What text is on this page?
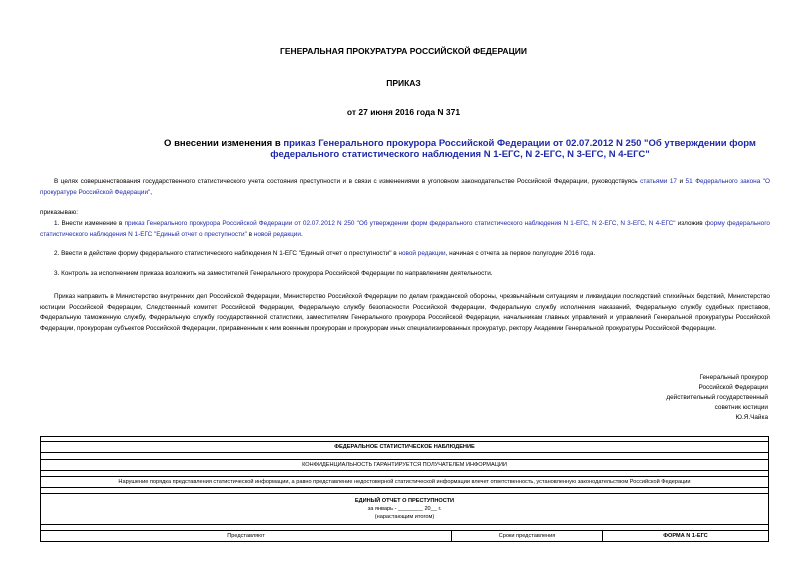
ГЕНЕРАЛЬНАЯ ПРОКУРАТУРА РОССИЙСКОЙ ФЕДЕРАЦИИ
ПРИКАЗ
от 27 июня 2016 года N 371
О внесении изменения в приказ Генерального прокурора Российской Федерации от 02.07.2012 N 250 "Об утверждении форм федерального статистического наблюдения N 1-ЕГС, N 2-ЕГС, N 3-ЕГС, N 4-ЕГС"
В целях совершенствования государственного статистического учета состояния преступности и в связи с изменениями в уголовном законодательстве Российской Федерации, руководствуясь статьями 17 и 51 Федерального закона "О прокуратуре Российской Федерации",
приказываю:
1. Внести изменение в приказ Генерального прокурора Российской Федерации от 02.07.2012 N 250 "Об утверждении форм федерального статистического наблюдения N 1-ЕГС, N 2-ЕГС, N 3-ЕГС, N 4-ЕГС" изложив форму федерального статистического наблюдения N 1-ЕГС "Единый отчет о преступности" в новой редакции.
2. Ввести в действие форму федерального статистического наблюдения N 1-ЕГС "Единый отчет о преступности" в новой редакции, начиная с отчета за первое полугодие 2016 года.
3. Контроль за исполнением приказа возложить на заместителей Генерального прокурора Российской Федерации по направлениям деятельности.
Приказ направить в Министерство внутренних дел Российской Федерации, Министерство Российской Федерации по делам гражданской обороны, чрезвычайным ситуациям и ликвидации последствий стихийных бедствий, Министерство юстиции Российской Федерации, Следственный комитет Российской Федерации, Федеральную службу безопасности Российской Федерации, Федеральную службу исполнения наказаний, Федеральную службу судебных приставов, Федеральную таможенную службу, Федеральную службу государственной статистики, заместителям Генерального прокурора Российской Федерации, начальникам главных управлений и управлений Генеральной прокуратуры Российской Федерации, прокурорам субъектов Российской Федерации, приравненным к ним военным прокурорам и прокурорам иных специализированных прокуратур, ректору Академии Генеральной прокуратуры Российской Федерации.
Генеральный прокурор
Российской Федерации
действительный государственный
советник юстиции
Ю.Я.Чайка

ФЕДЕРАЛЬНОЕ СТАТИСТИЧЕСКОЕ НАБЛЮДЕНИЕ

КОНФИДЕНЦИАЛЬНОСТЬ ГАРАНТИРУЕТСЯ ПОЛУЧАТЕЛЕМ ИНФОРМАЦИИ

Нарушение порядка представления статистической информации, а равно представление недостоверной статистической информации влечет ответственность, установленную законодательством Российской Федерации

ЕДИНЫЙ ОТЧЕТ О ПРЕСТУПНОСТИ
за январь - ________ 20__ г.
(нарастающим итогом)

Представляют	Сроки представления	ФОРМА N 1-ЕГС
